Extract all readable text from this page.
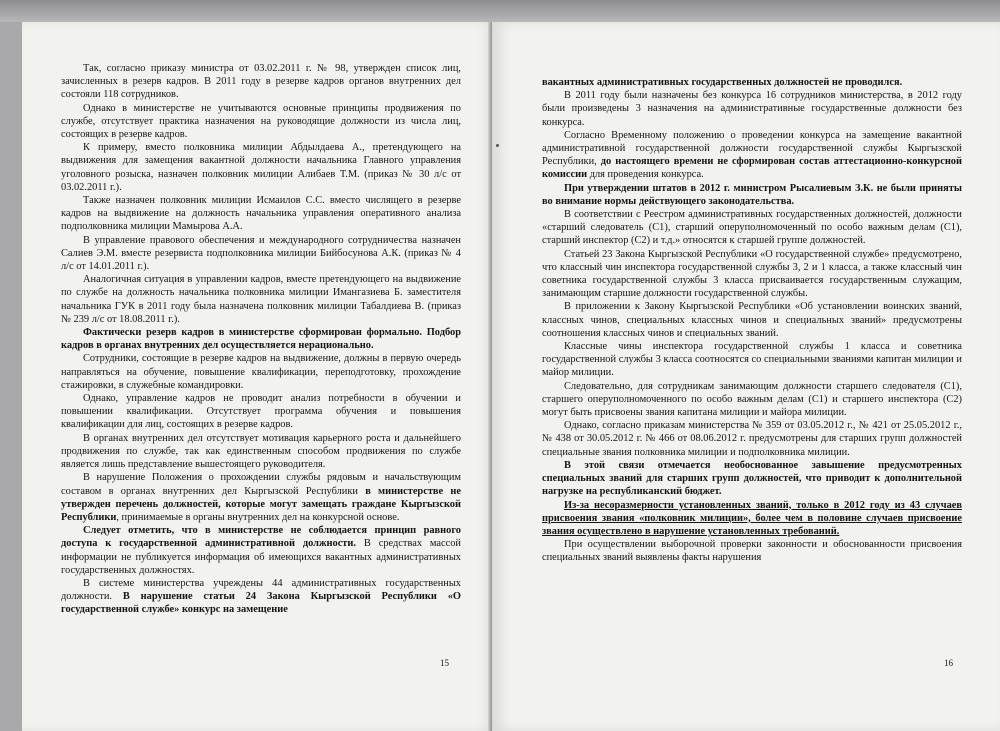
Так, согласно приказу министра от 03.02.2011 г. № 98, утвержден список лиц, зачисленных в резерв кадров. В 2011 году в резерве кадров органов внутренних дел состояли 118 сотрудников.

Однако в министерстве не учитываются основные принципы продвижения по службе, отсутствует практика назначения на руководящие должности из числа лиц, состоящих в резерве кадров.

К примеру, вместо полковника милиции Абдылдаева А., претендующего на выдвижения для замещения вакантной должности начальника Главного управления уголовного розыска, назначен полковник милиции Алибаев Т.М. (приказ № 30 л/с от 03.02.2011 г.).

Также назначен полковник милиции Исмаилов С.С. вместо числящего в резерве кадров на выдвижение на должность начальника управления оперативного анализа подполковника милиции Мамырова А.А.

В управление правового обеспечения и международного сотрудничества назначен Салиев Э.М. вместе резервиста подполковника милиции Бийбосунова А.К. (приказ № 4 л/с от 14.01.2011 г.).

Аналогичная ситуация в управлении кадров, вместе претендующего на выдвижение по службе на должность начальника полковника милиции Имангазиева Б. заместителя начальника ГУК в 2011 году была назначена полковник милиции Табалдиева В. (приказ № 239 л/с от 18.08.2011 г.).

Фактически резерв кадров в министерстве сформирован формально. Подбор кадров в органах внутренних дел осуществляется нерационально.

Сотрудники, состоящие в резерве кадров на выдвижение, должны в первую очередь направляться на обучение, повышение квалификации, переподготовку, прохождение стажировки, в служебные командировки.

Однако, управление кадров не проводит анализ потребности в обучении и повышении квалификации. Отсутствует программа обучения и повышения квалификации для лиц, состоящих в резерве кадров.

В органах внутренних дел отсутствует мотивация карьерного роста и дальнейшего продвижения по службе, так как единственным способом продвижения по службе является лишь представление вышестоящего руководителя.

В нарушение Положения о прохождении службы рядовым и начальствующим составом в органах внутренних дел Кыргызской Республики в министерстве не утвержден перечень должностей, которые могут замещать граждане Кыргызской Республики, принимаемые в органы внутренних дел на конкурсной основе.

Следует отметить, что в министерстве не соблюдается принцип равного доступа к государственной административной должности. В средствах массой информации не публикуется информация об имеющихся вакантных административных государственных должностях.

В системе министерства учреждены 44 административных государственных должности. В нарушение статьи 24 Закона Кыргызской Республики «О государственной службе» конкурс на замещение

15

вакантных административных государственных должностей не проводился.

В 2011 году были назначены без конкурса 16 сотрудников министерства, в 2012 году были произведены 3 назначения на административные государственные должности без конкурса.

Согласно Временному положению о проведении конкурса на замещение вакантной административной государственной должности государственной службы Кыргызской Республики, до настоящего времени не сформирован состав аттестационно-конкурсной комиссии для проведения конкурса.

При утверждении штатов в 2012 г. министром Рысалиевым З.К. не были приняты во внимание нормы действующего законодательства.

В соответствии с Реестром административных государственных должностей, должности «старший следователь (С1), старший оперуполномоченный по особо важным делам (С1), старший инспектор (С2) и т.д.» относятся к старшей группе должностей.

Статьей 23 Закона Кыргызской Республики «О государственной службе» предусмотрено, что классный чин инспектора государственной службы 3, 2 и 1 класса, а также классный чин советника государственной службы 3 класса присваивается государственным служащим, занимающим старшие должности государственной службы.

В приложении к Закону Кыргызской Республики «Об установлении воинских званий, классных чинов, специальных классных чинов и специальных званий» предусмотрены соотношения классных чинов и специальных званий.

Классные чины инспектора государственной службы 1 класса и советника государственной службы 3 класса соотносятся со специальными званиями капитан милиции и майор милиции.

Следовательно, для сотрудникам занимающим должности старшего следователя (С1), старшего оперуполномоченного по особо важным делам (С1) и старшего инспектора (С2) могут быть присвоены звания капитана милиции и майора милиции.

Однако, согласно приказам министерства № 359 от 03.05.2012 г., № 421 от 25.05.2012 г., № 438 от 30.05.2012 г. № 466 от 08.06.2012 г. предусмотрены для старших групп должностей специальные звания полковника милиции и подполковника милиции.

В этой связи отмечается необоснованное завышение предусмотренных специальных званий для старших групп должностей, что приводит к дополнительной нагрузке на республиканский бюджет.

Из-за несоразмерности установленных званий, только в 2012 году из 43 случаев присвоения звания «полковник милиции», более чем в половине случаев присвоение звания осуществлено в нарушение установленных требований.

При осуществлении выборочной проверки законности и обоснованности присвоения специальных званий выявлены факты нарушения

16
